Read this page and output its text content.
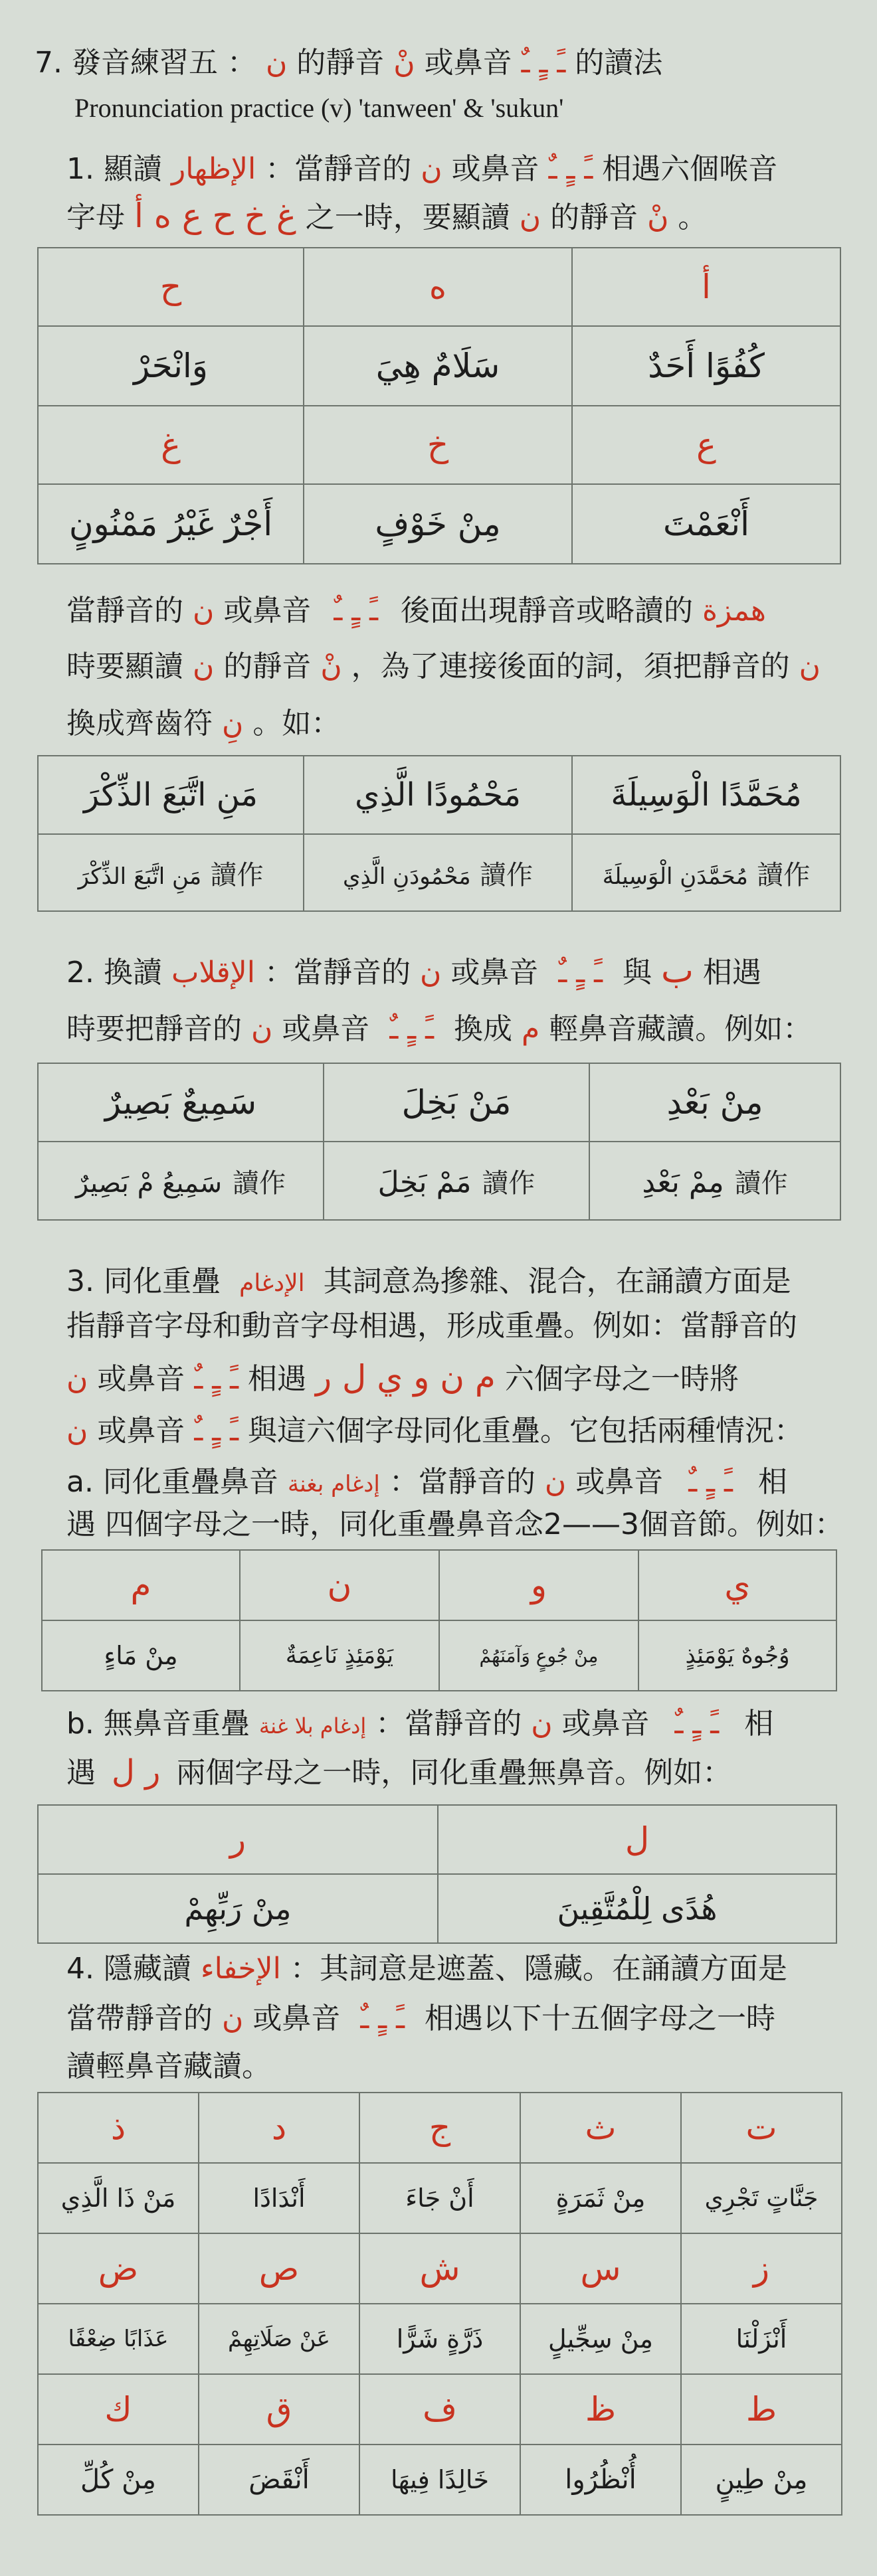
7. 發音練習五 ： ن 的靜音 نْ 或鼻音 ـً ـٍ ـٌ 的讀法
Pronunciation practice (v) 'tanween' & 'sukun'
1. 顯讀 الإظهار ：當靜音的 ن 或鼻音 ـً ـٍ ـٌ 相遇六個喉音
字母 غ خ ح ع ه أ 之一時，要顯讀 ن 的靜音 نْ 。
ح	ه	أ
وَانْحَرْ	سَلَامٌ هِيَ	كُفُوًا أَحَدٌ
غ	خ	ع
أَجْرٌ غَيْرُ مَمْنُونٍ	مِنْ خَوْفٍ	أَنْعَمْتَ
當靜音的 ن 或鼻音 ـً ـٍ ـٌ 後面出現靜音或略讀的 همزة
時要顯讀 ن 的靜音 نْ ，為了連接後面的詞，須把靜音的 ن
換成齊齒符 نِ 。如：
مَنِ اتَّبَعَ الذِّكْرَ	مَحْمُودًا الَّذِي	مُحَمَّدًا الْوَسِيلَةَ
مَنِ اتَّبَعَ الذِّكْرَ 讀作	مَحْمُودَنِ الَّذِي 讀作	مُحَمَّدَنِ الْوَسِيلَةَ 讀作
2. 換讀 الإقلاب ：當靜音的 ن 或鼻音 ـً ـٍ ـٌ 與 ب 相遇
時要把靜音的 ن 或鼻音 ـً ـٍ ـٌ 換成 م 輕鼻音藏讀。例如：
سَمِيعٌ بَصِيرٌ	مَنْ بَخِلَ	مِنْ بَعْدِ
سَمِيعُ مْ بَصِيرٌ 讀作	مَمْ بَخِلَ 讀作	مِمْ بَعْدِ 讀作
3. 同化重疊 الإدغام 其詞意為摻雜、混合，在誦讀方面是
指靜音字母和動音字母相遇，形成重疊。例如：當靜音的
ن 或鼻音 ـً ـٍ ـٌ 相遇 م ن و ي ل ر 六個字母之一時將
ن 或鼻音 ـً ـٍ ـٌ 與這六個字母同化重疊。它包括兩種情況：
a. 同化重疊鼻音 إدغام بغنة ：當靜音的 ن 或鼻音 ـً ـٍ ـٌ 相
遇 四個字母之一時，同化重疊鼻音念2——3個音節。例如：
م	ن	و	ي
مِنْ مَاءٍ	يَوْمَئِذٍ نَاعِمَةٌ	مِنْ جُوعٍ وَآمَنَهُمْ	وُجُوهٌ يَوْمَئِذٍ
b. 無鼻音重疊 إدغام بلا غنة ：當靜音的 ن 或鼻音 ـً ـٍ ـٌ 相
遇 ر ل 兩個字母之一時，同化重疊無鼻音。例如：
ر	ل
مِنْ رَبِّهِمْ	هُدًى لِلْمُتَّقِينَ
4. 隱藏讀 الإخفاء ：其詞意是遮蓋、隱藏。在誦讀方面是
當帶靜音的 ن 或鼻音 ـً ـٍ ـٌ 相遇以下十五個字母之一時
讀輕鼻音藏讀。
ذ	د	ج	ث	ت
مَنْ ذَا الَّذِي	أَنْدَادًا	أَنْ جَاءَ	مِنْ ثَمَرَةٍ	جَنَّاتٍ تَجْرِي
ض	ص	ش	س	ز
عَذَابًا ضِعْفًا	عَنْ صَلَاتِهِمْ	ذَرَّةٍ شَرًّا	مِنْ سِجِّيلٍ	أَنْزَلْنَا
ك	ق	ف	ظ	ط
مِنْ كُلِّ	أَنْقَضَ	خَالِدًا فِيهَا	أُنْظُرُوا	مِنْ طِينٍ
